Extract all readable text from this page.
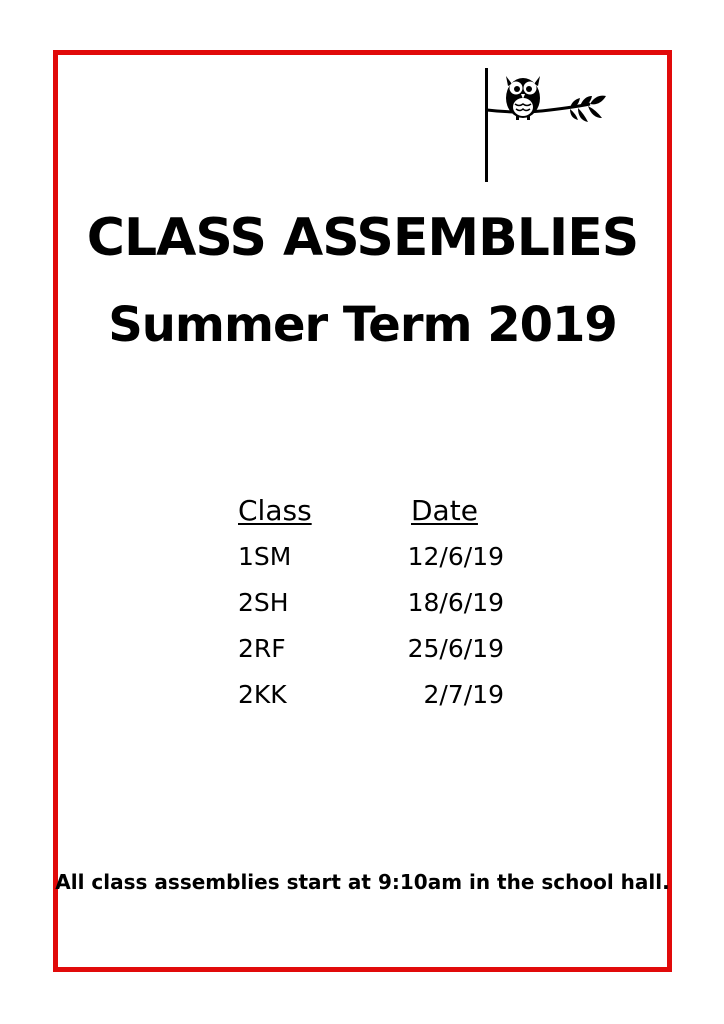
CLASS ASSEMBLIES
Summer Term 2019
Class	Date
1SM	12/6/19
2SH	18/6/19
2RF	25/6/19
2KK	2/7/19

All class assemblies start at 9:10am in the school hall.
